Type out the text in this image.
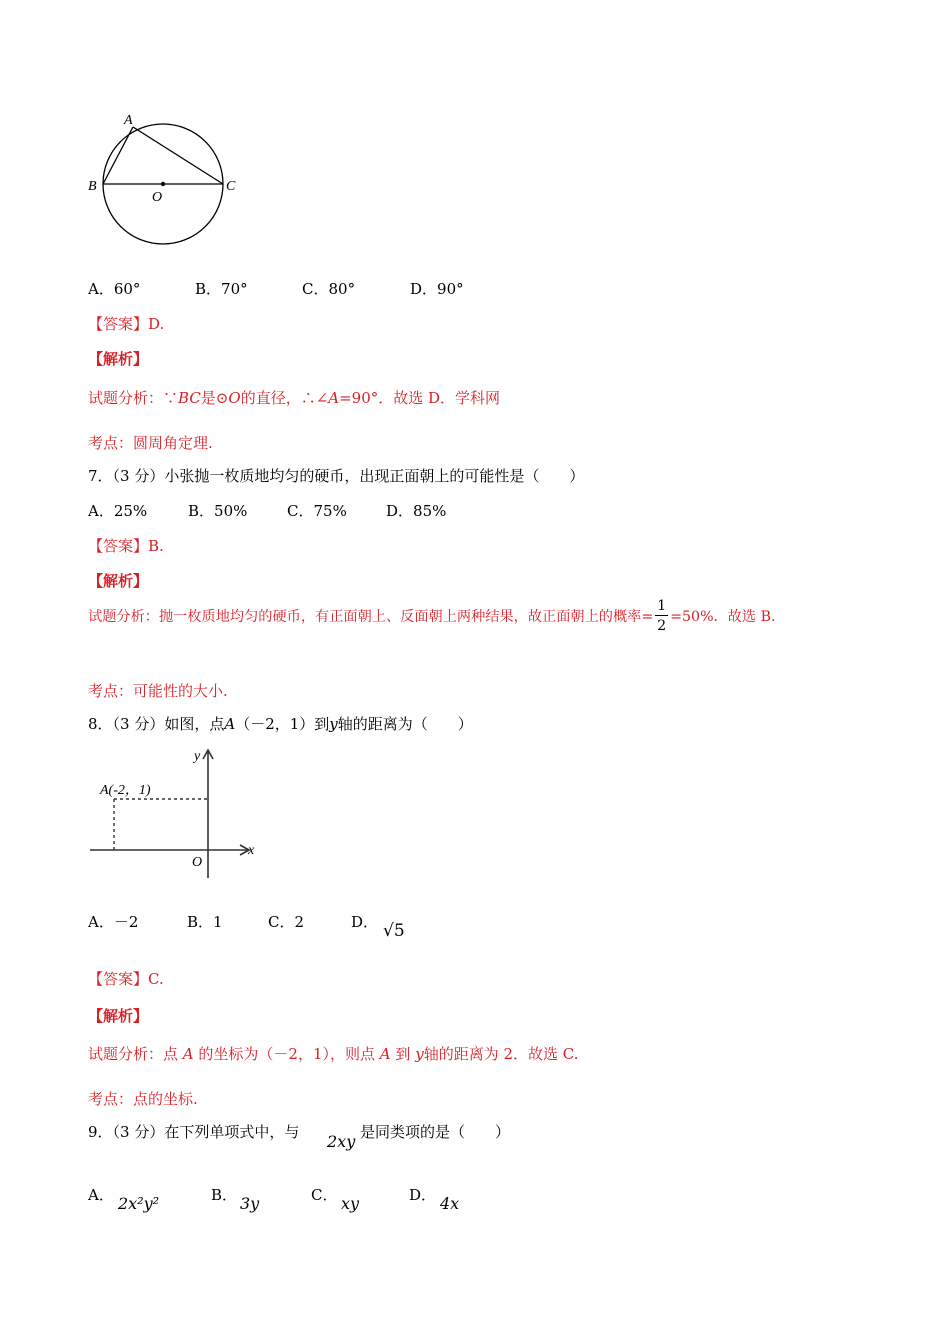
A
B	C
O
A．60°	B．70°	C．80°	D．90°
【答案】D.
【解析】
试题分析：∵BC是⊙O的直径，∴∠A=90°．故选 D．学科网
考点：圆周角定理.
7．（3 分）小张抛一枚质地均匀的硬币，出现正面朝上的可能性是（　　）
A．25%	B．50%	C．75%	D．85%
【答案】B.
【解析】
试题分析：抛一枚质地均匀的硬币，有正面朝上、反面朝上两种结果，故正面朝上的概率= $\frac{1}{2} =50\%$．故选 B.
考点：可能性的大小.
8．（3 分）如图，点A（－2，1）到y轴的距离为（　　）
A(-2，1)
y
x
O
A．－2	B．1	C．2	D． √5
【答案】C.
【解析】
试题分析：点 A 的坐标为（－2，1），则点 A 到 y轴的距离为 2．故选 C.
考点：点的坐标.
9．（3 分）在下列单项式中，与 2xy 是同类项的是（　　）
A． 2x²y²	B． 3y	C． xy	D． 4x
